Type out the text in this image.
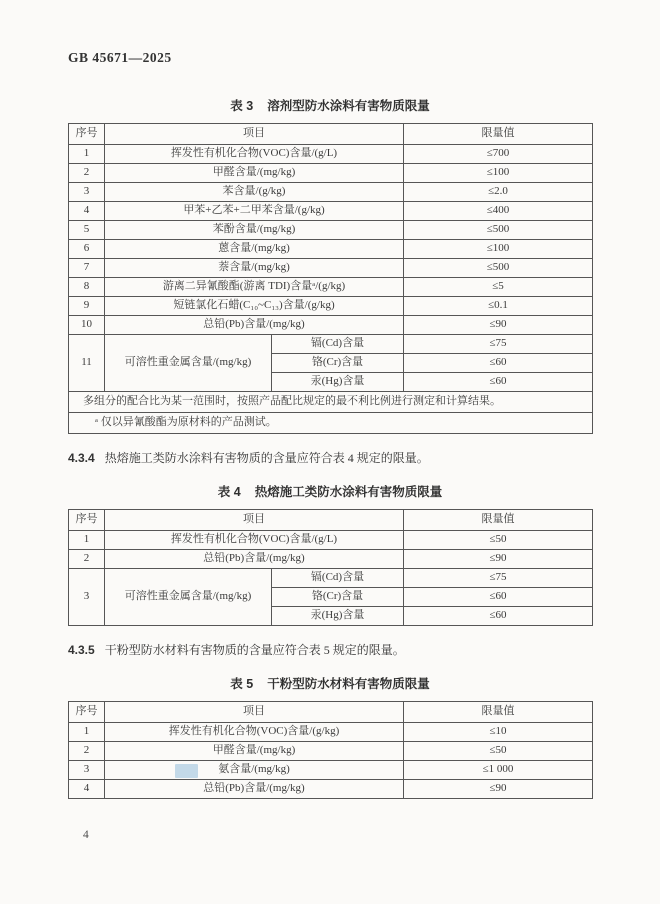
GB 45671—2025
表 3 溶剂型防水涂料有害物质限量
序号	项目		限量值
1	挥发性有机化合物(VOC)含量/(g/L)		≤700
2	甲醛含量/(mg/kg)		≤100
3	苯含量/(g/kg)		≤2.0
4	甲苯+乙苯+二甲苯含量/(g/kg)		≤400
5	苯酚含量/(mg/kg)		≤500
6	蒽含量/(mg/kg)		≤100
7	萘含量/(mg/kg)		≤500
8	游离二异氰酸酯(游离 TDI)含量ᵃ/(g/kg)		≤5
9	短链氯化石蜡(C₁₀~C₁₃)含量/(g/kg)		≤0.1
10	总铅(Pb)含量/(mg/kg)		≤90
11	可溶性重金属含量/(mg/kg)	镉(Cd)含量	≤75
		铬(Cr)含量	≤60
		汞(Hg)含量	≤60
多组分的配合比为某一范围时，按照产品配比规定的最不利比例进行测定和计算结果。			
ᵃ 仅以异氰酸酯为原材料的产品测试。			
4.3.4 热熔施工类防水涂料有害物质的含量应符合表 4 规定的限量。
表 4 热熔施工类防水涂料有害物质限量
序号	项目		限量值
1	挥发性有机化合物(VOC)含量/(g/L)		≤50
2	总铅(Pb)含量/(mg/kg)		≤90
3	可溶性重金属含量/(mg/kg)	镉(Cd)含量	≤75
		铬(Cr)含量	≤60
		汞(Hg)含量	≤60
4.3.5 干粉型防水材料有害物质的含量应符合表 5 规定的限量。
表 5 干粉型防水材料有害物质限量
序号	项目	限量值
1	挥发性有机化合物(VOC)含量/(g/kg)	≤10
2	甲醛含量/(mg/kg)	≤50
3	氨含量/(mg/kg)	≤1 000
4	总铅(Pb)含量/(mg/kg)	≤90
4
